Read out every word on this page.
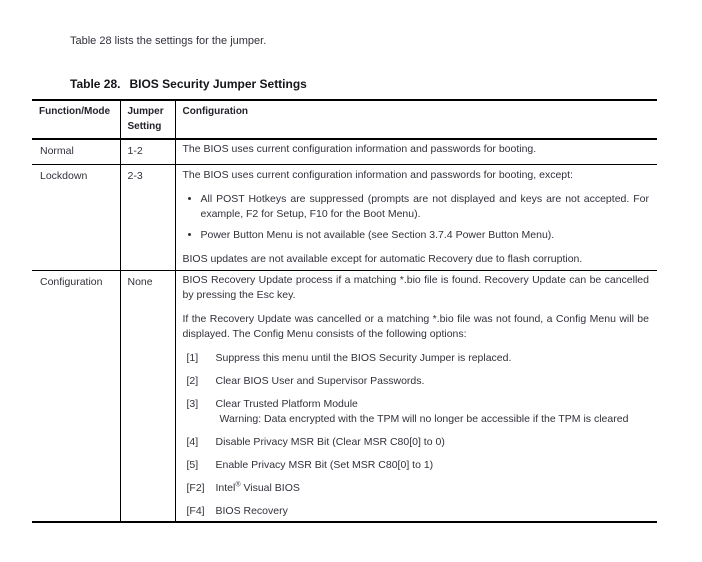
Table 28 lists the settings for the jumper.

Table 28. BIOS Security Jumper Settings

Function/Mode	Jumper Setting	Configuration
Normal	1-2	The BIOS uses current configuration information and passwords for booting.

Lockdown	2-3	The BIOS uses current configuration information and passwords for booting, except:

• All POST Hotkeys are suppressed (prompts are not displayed and keys are not accepted. For example, F2 for Setup, F10 for the Boot Menu).
• Power Button Menu is not available (see Section 3.7.4 Power Button Menu).

BIOS updates are not available except for automatic Recovery due to flash corruption.

Configuration	None	BIOS Recovery Update process if a matching *.bio file is found. Recovery Update can be cancelled by pressing the Esc key.

If the Recovery Update was cancelled or a matching *.bio file was not found, a Config Menu will be displayed. The Config Menu consists of the following options:

[1] Suppress this menu until the BIOS Security Jumper is replaced.
[2] Clear BIOS User and Supervisor Passwords.
[3] Clear Trusted Platform Module
Warning: Data encrypted with the TPM will no longer be accessible if the TPM is cleared
[4] Disable Privacy MSR Bit (Clear MSR C80[0] to 0)
[5] Enable Privacy MSR Bit (Set MSR C80[0] to 1)
[F2] Intel® Visual BIOS
[F4] BIOS Recovery
